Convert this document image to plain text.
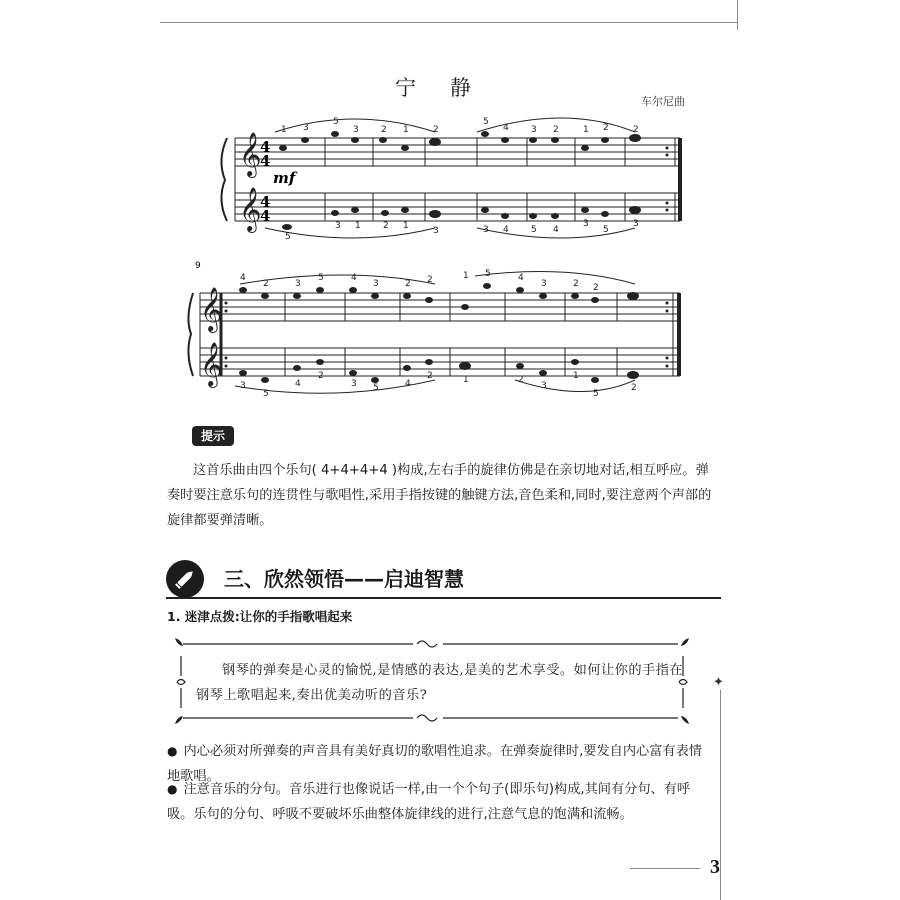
宁静
车尔尼曲
𝄞
𝄞
4
4
4
4
mf
1 3
5
3 2 1	2
5
4 3 2	1 2	2
5
3 1 2 1	3	3 4 5 4
3
5
3
9
𝄞
𝄞
4
2	3
5	4
3	2 2	1 5	4
3	2 2
3
5
4
2
3 5	4
2	1	2
3
1
5
2
提示
这首乐曲由四个乐句( 4+4+4+4 )构成,左右手的旋律仿佛是在亲切地对话,相互呼应。弹奏时要注意乐句的连贯性与歌唱性,采用手指按键的触键方法,音色柔和,同时,要注意两个声部的旋律都要弹清晰。
三、欣然领悟——启迪智慧
1. 迷津点拨:让你的手指歌唱起来
钢琴的弹奏是心灵的愉悦,是情感的表达,是美的艺术享受。如何让你的手指在钢琴上歌唱起来,奏出优美动听的音乐?
● 内心必须对所弹奏的声音具有美好真切的歌唱性追求。在弹奏旋律时,要发自内心富有表情地歌唱。
● 注意音乐的分句。音乐进行也像说话一样,由一个个句子(即乐句)构成,其间有分句、有呼吸。乐句的分句、呼吸不要破坏乐曲整体旋律线的进行,注意气息的饱满和流畅。
✦
3
